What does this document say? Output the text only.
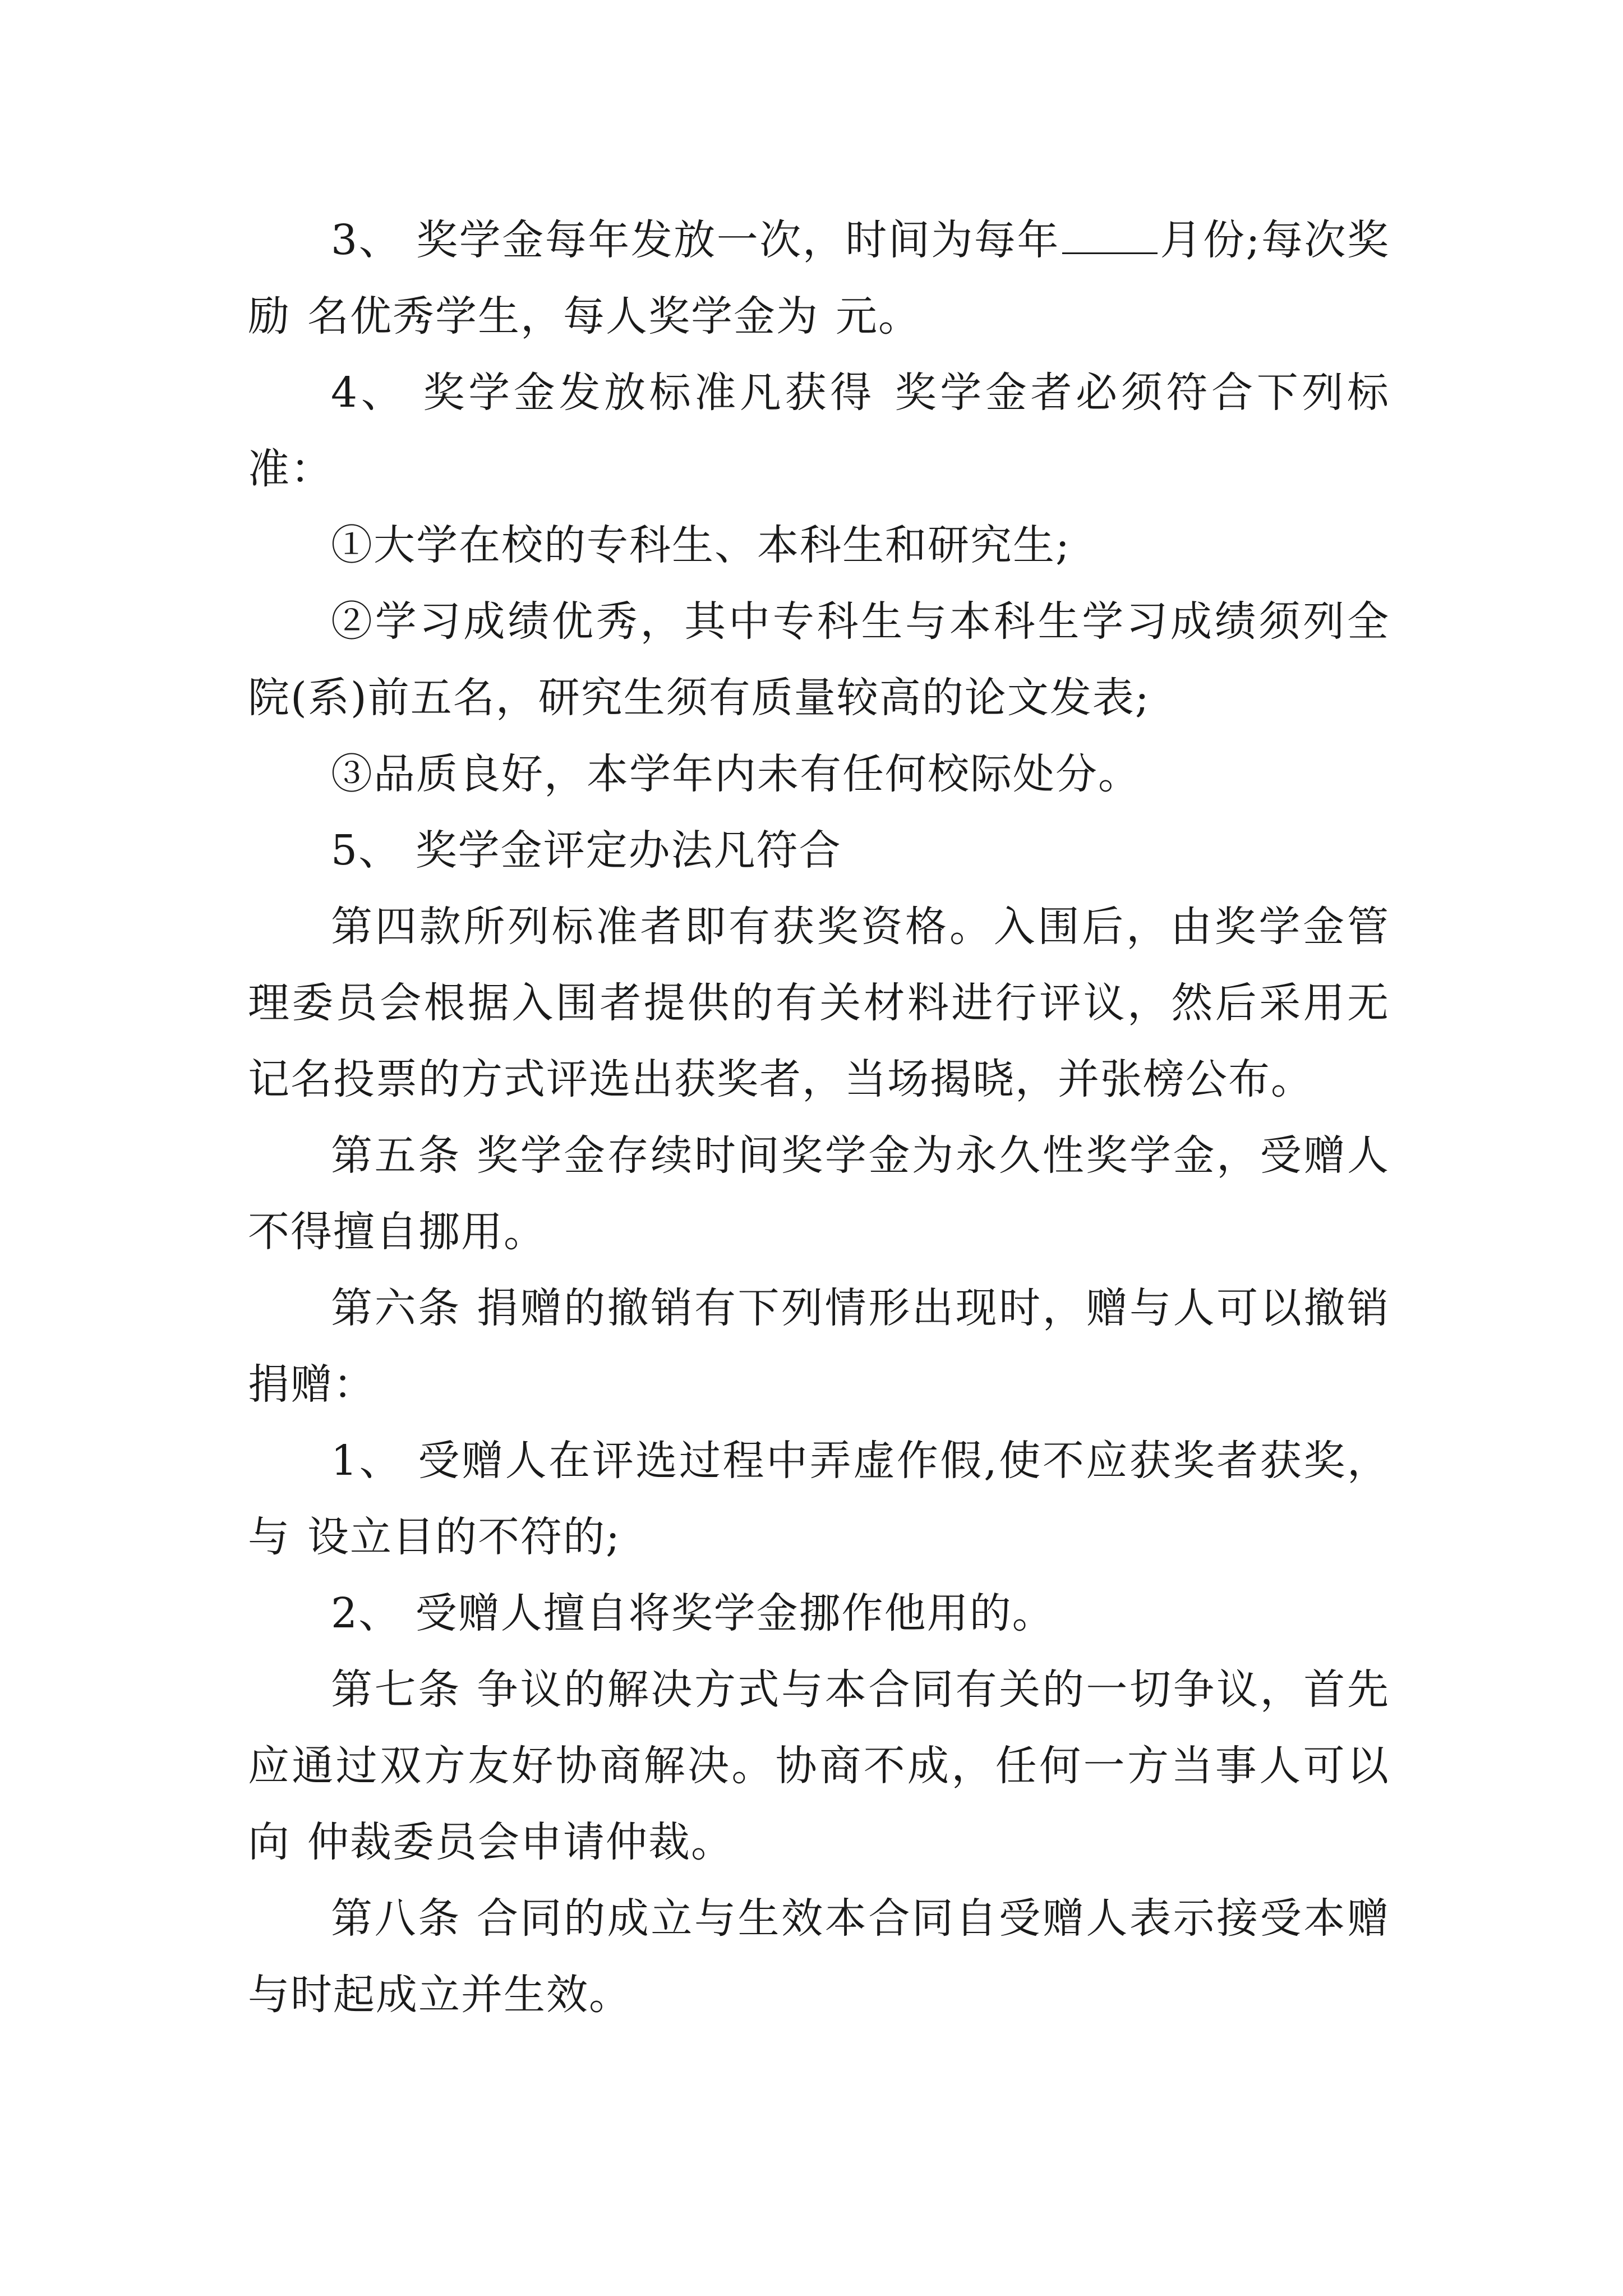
3、 奖学金每年发放一次，时间为每年 月份;每次奖励 名优秀学生，每人奖学金为 元。

4、 奖学金发放标准凡获得 奖学金者必须符合下列标准：

①大学在校的专科生、本科生和研究生;

②学习成绩优秀，其中专科生与本科生学习成绩须列全院(系)前五名，研究生须有质量较高的论文发表;

③品质良好，本学年内未有任何校际处分。

5、 奖学金评定办法凡符合

第四款所列标准者即有获奖资格。入围后，由奖学金管理委员会根据入围者提供的有关材料进行评议，然后采用无记名投票的方式评选出获奖者，当场揭晓，并张榜公布。

第五条 奖学金存续时间奖学金为永久性奖学金，受赠人不得擅自挪用。

第六条 捐赠的撤销有下列情形出现时，赠与人可以撤销捐赠：

1、 受赠人在评选过程中弄虚作假,使不应获奖者获奖，与 设立目的不符的;

2、 受赠人擅自将奖学金挪作他用的。

第七条 争议的解决方式与本合同有关的一切争议，首先应通过双方友好协商解决。协商不成，任何一方当事人可以向 仲裁委员会申请仲裁。

第八条 合同的成立与生效本合同自受赠人表示接受本赠与时起成立并生效。
